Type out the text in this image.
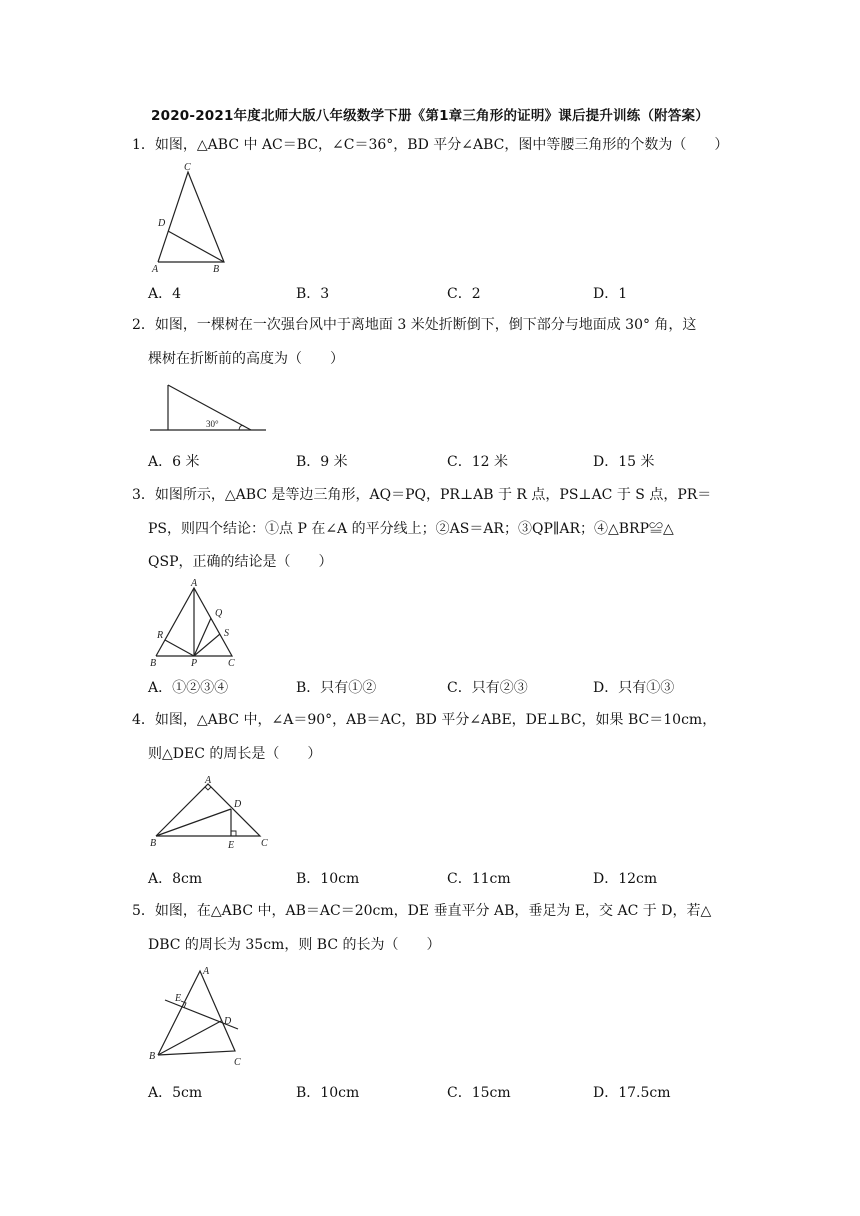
2020-2021年度北师大版八年级数学下册《第1章三角形的证明》课后提升训练（附答案）
1．如图，△ABC 中 AC＝BC，∠C＝36°，BD 平分∠ABC，图中等腰三角形的个数为（　　）
C
D
A	B
A．4	B．3	C．2	D．1
2．如图，一棵树在一次强台风中于离地面 3 米处折断倒下，倒下部分与地面成 30° 角，这
棵树在折断前的高度为（　　）
30°
A．6 米	B．9 米	C．12 米	D．15 米
3．如图所示，△ABC 是等边三角形，AQ＝PQ，PR⊥AB 于 R 点，PS⊥AC 于 S 点，PR＝
PS，则四个结论：①点 P 在∠A 的平分线上；②AS＝AR；③QP∥AR；④△BRP≌△
QSP，正确的结论是（　　）
A
Q
R	S
B	P	C
A．①②③④	B．只有①②	C．只有②③	D．只有①③
4．如图，△ABC 中，∠A＝90°，AB＝AC，BD 平分∠ABE，DE⊥BC，如果 BC＝10cm，
则△DEC 的周长是（　　）
A
D
B	E	C
A．8cm	B．10cm	C．11cm	D．12cm
5．如图，在△ABC 中，AB＝AC＝20cm，DE 垂直平分 AB，垂足为 E，交 AC 于 D，若△
DBC 的周长为 35cm，则 BC 的长为（　　）
A
E
D
B
C
A．5cm	B．10cm	C．15cm	D．17.5cm
